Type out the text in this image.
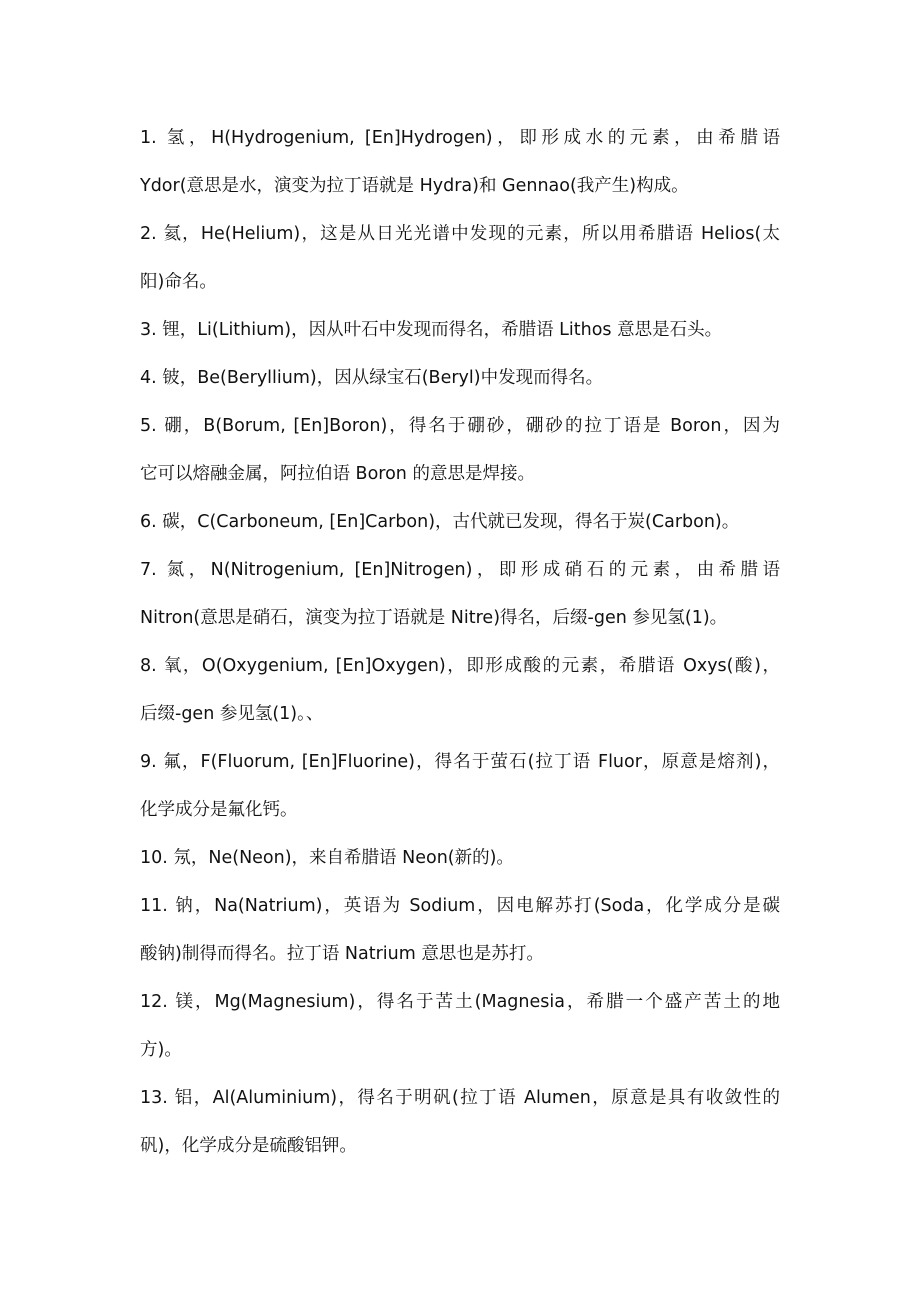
1. 氢，H(Hydrogenium, [En]Hydrogen)，即形成水的元素，由希腊语
Ydor(意思是水，演变为拉丁语就是 Hydra)和 Gennao(我产生)构成。
2. 氦，He(Helium)，这是从日光光谱中发现的元素，所以用希腊语 Helios(太
阳)命名。
3. 锂，Li(Lithium)，因从叶石中发现而得名，希腊语 Lithos 意思是石头。
4. 铍，Be(Beryllium)，因从绿宝石(Beryl)中发现而得名。
5. 硼，B(Borum, [En]Boron)，得名于硼砂，硼砂的拉丁语是 Boron，因为
它可以熔融金属，阿拉伯语 Boron 的意思是焊接。
6. 碳，C(Carboneum, [En]Carbon)，古代就已发现，得名于炭(Carbon)。
7. 氮，N(Nitrogenium, [En]Nitrogen)，即形成硝石的元素，由希腊语
Nitron(意思是硝石，演变为拉丁语就是 Nitre)得名，后缀-gen 参见氢(1)。
8. 氧，O(Oxygenium, [En]Oxygen)，即形成酸的元素，希腊语 Oxys(酸)，
后缀-gen 参见氢(1)。、
9. 氟，F(Fluorum, [En]Fluorine)，得名于萤石(拉丁语 Fluor，原意是熔剂)，
化学成分是氟化钙。
10. 氖，Ne(Neon)，来自希腊语 Neon(新的)。
11. 钠，Na(Natrium)，英语为 Sodium，因电解苏打(Soda，化学成分是碳
酸钠)制得而得名。拉丁语 Natrium 意思也是苏打。
12. 镁，Mg(Magnesium)，得名于苦土(Magnesia，希腊一个盛产苦土的地
方)。
13. 铝，Al(Aluminium)，得名于明矾(拉丁语 Alumen，原意是具有收敛性的
矾)，化学成分是硫酸铝钾。
